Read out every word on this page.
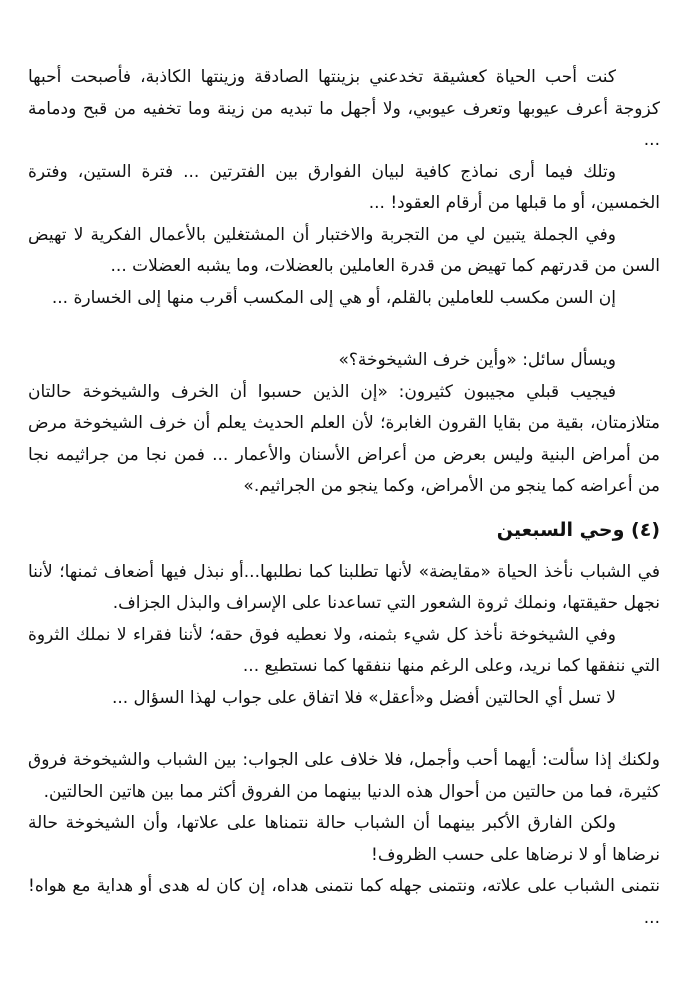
كنت أحب الحياة كعشيقة تخدعني بزينتها الصادقة وزينتها الكاذبة، فأصبحت أحبها كزوجة أعرف عيوبها وتعرف عيوبي، ولا أجهل ما تبديه من زينة وما تخفيه من قبح ودمامة ...

وتلك فيما أرى نماذج كافية لبيان الفوارق بين الفترتين ... فترة الستين، وفترة الخمسين، أو ما قبلها من أرقام العقود! ...

وفي الجملة يتبين لي من التجربة والاختبار أن المشتغلين بالأعمال الفكرية لا تهيض السن من قدرتهم كما تهيض من قدرة العاملين بالعضلات، وما يشبه العضلات ...

إن السن مكسب للعاملين بالقلم، أو هي إلى المكسب أقرب منها إلى الخسارة ...

ويسأل سائل: «وأين خرف الشيخوخة؟»

فيجيب قبلي مجيبون كثيرون: «إن الذين حسبوا أن الخرف والشيخوخة حالتان متلازمتان، بقية من بقايا القرون الغابرة؛ لأن العلم الحديث يعلم أن خرف الشيخوخة مرض من أمراض البنية وليس بعرض من أعراض الأسنان والأعمار ... فمن نجا من جراثيمه نجا من أعراضه كما ينجو من الأمراض، وكما ينجو من الجراثيم.»

(٤) وحي السبعين

في الشباب نأخذ الحياة «مقايضة» لأنها تطلبنا كما نطلبها...أو نبذل فيها أضعاف ثمنها؛ لأننا نجهل حقيقتها، ونملك ثروة الشعور التي تساعدنا على الإسراف والبذل الجزاف.

وفي الشيخوخة نأخذ كل شيء بثمنه، ولا نعطيه فوق حقه؛ لأننا فقراء لا نملك الثروة التي ننفقها كما نريد، وعلى الرغم منها ننفقها كما نستطيع ...

لا تسل أي الحالتين أفضل و«أعقل» فلا اتفاق على جواب لهذا السؤال ...

ولكنك إذا سألت: أيهما أحب وأجمل، فلا خلاف على الجواب: بين الشباب والشيخوخة فروق كثيرة، فما من حالتين من أحوال هذه الدنيا بينهما من الفروق أكثر مما بين هاتين الحالتين.

ولكن الفارق الأكبر بينهما أن الشباب حالة نتمناها على علاتها، وأن الشيخوخة حالة نرضاها أو لا نرضاها على حسب الظروف!

نتمنى الشباب على علاته، ونتمنى جهله كما نتمنى هداه، إن كان له هدى أو هداية مع هواه! ...
